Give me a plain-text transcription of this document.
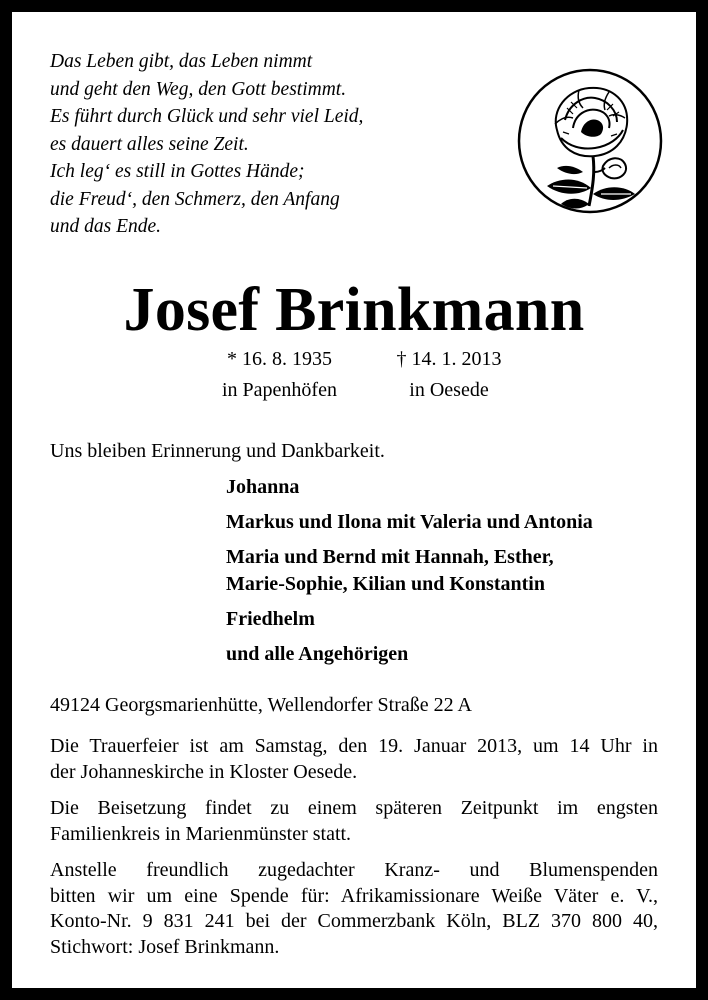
Das Leben gibt, das Leben nimmt
und geht den Weg, den Gott bestimmt.
Es führt durch Glück und sehr viel Leid,
es dauert alles seine Zeit.
Ich leg‘ es still in Gottes Hände;
die Freud‘, den Schmerz, den Anfang
und das Ende.
Josef Brinkmann
* 16. 8. 1935
in Papenhöfen
† 14. 1. 2013
in Oesede
Uns bleiben Erinnerung und Dankbarkeit.
Johanna
Markus und Ilona mit Valeria und Antonia
Maria und Bernd mit Hannah, Esther,
Marie-Sophie, Kilian und Konstantin
Friedhelm
und alle Angehörigen
49124 Georgsmarienhütte, Wellendorfer Straße 22 A
Die Trauerfeier ist am Samstag, den 19. Januar 2013, um 14 Uhr in
der Johanneskirche in Kloster Oesede.
Die Beisetzung findet zu einem späteren Zeitpunkt im engsten
Familienkreis in Marienmünster statt.
Anstelle freundlich zugedachter Kranz- und Blumenspenden
bitten wir um eine Spende für: Afrikamissionare Weiße Väter e. V.,
Konto-Nr. 9 831 241 bei der Commerzbank Köln, BLZ 370 800 40,
Stichwort: Josef Brinkmann.
